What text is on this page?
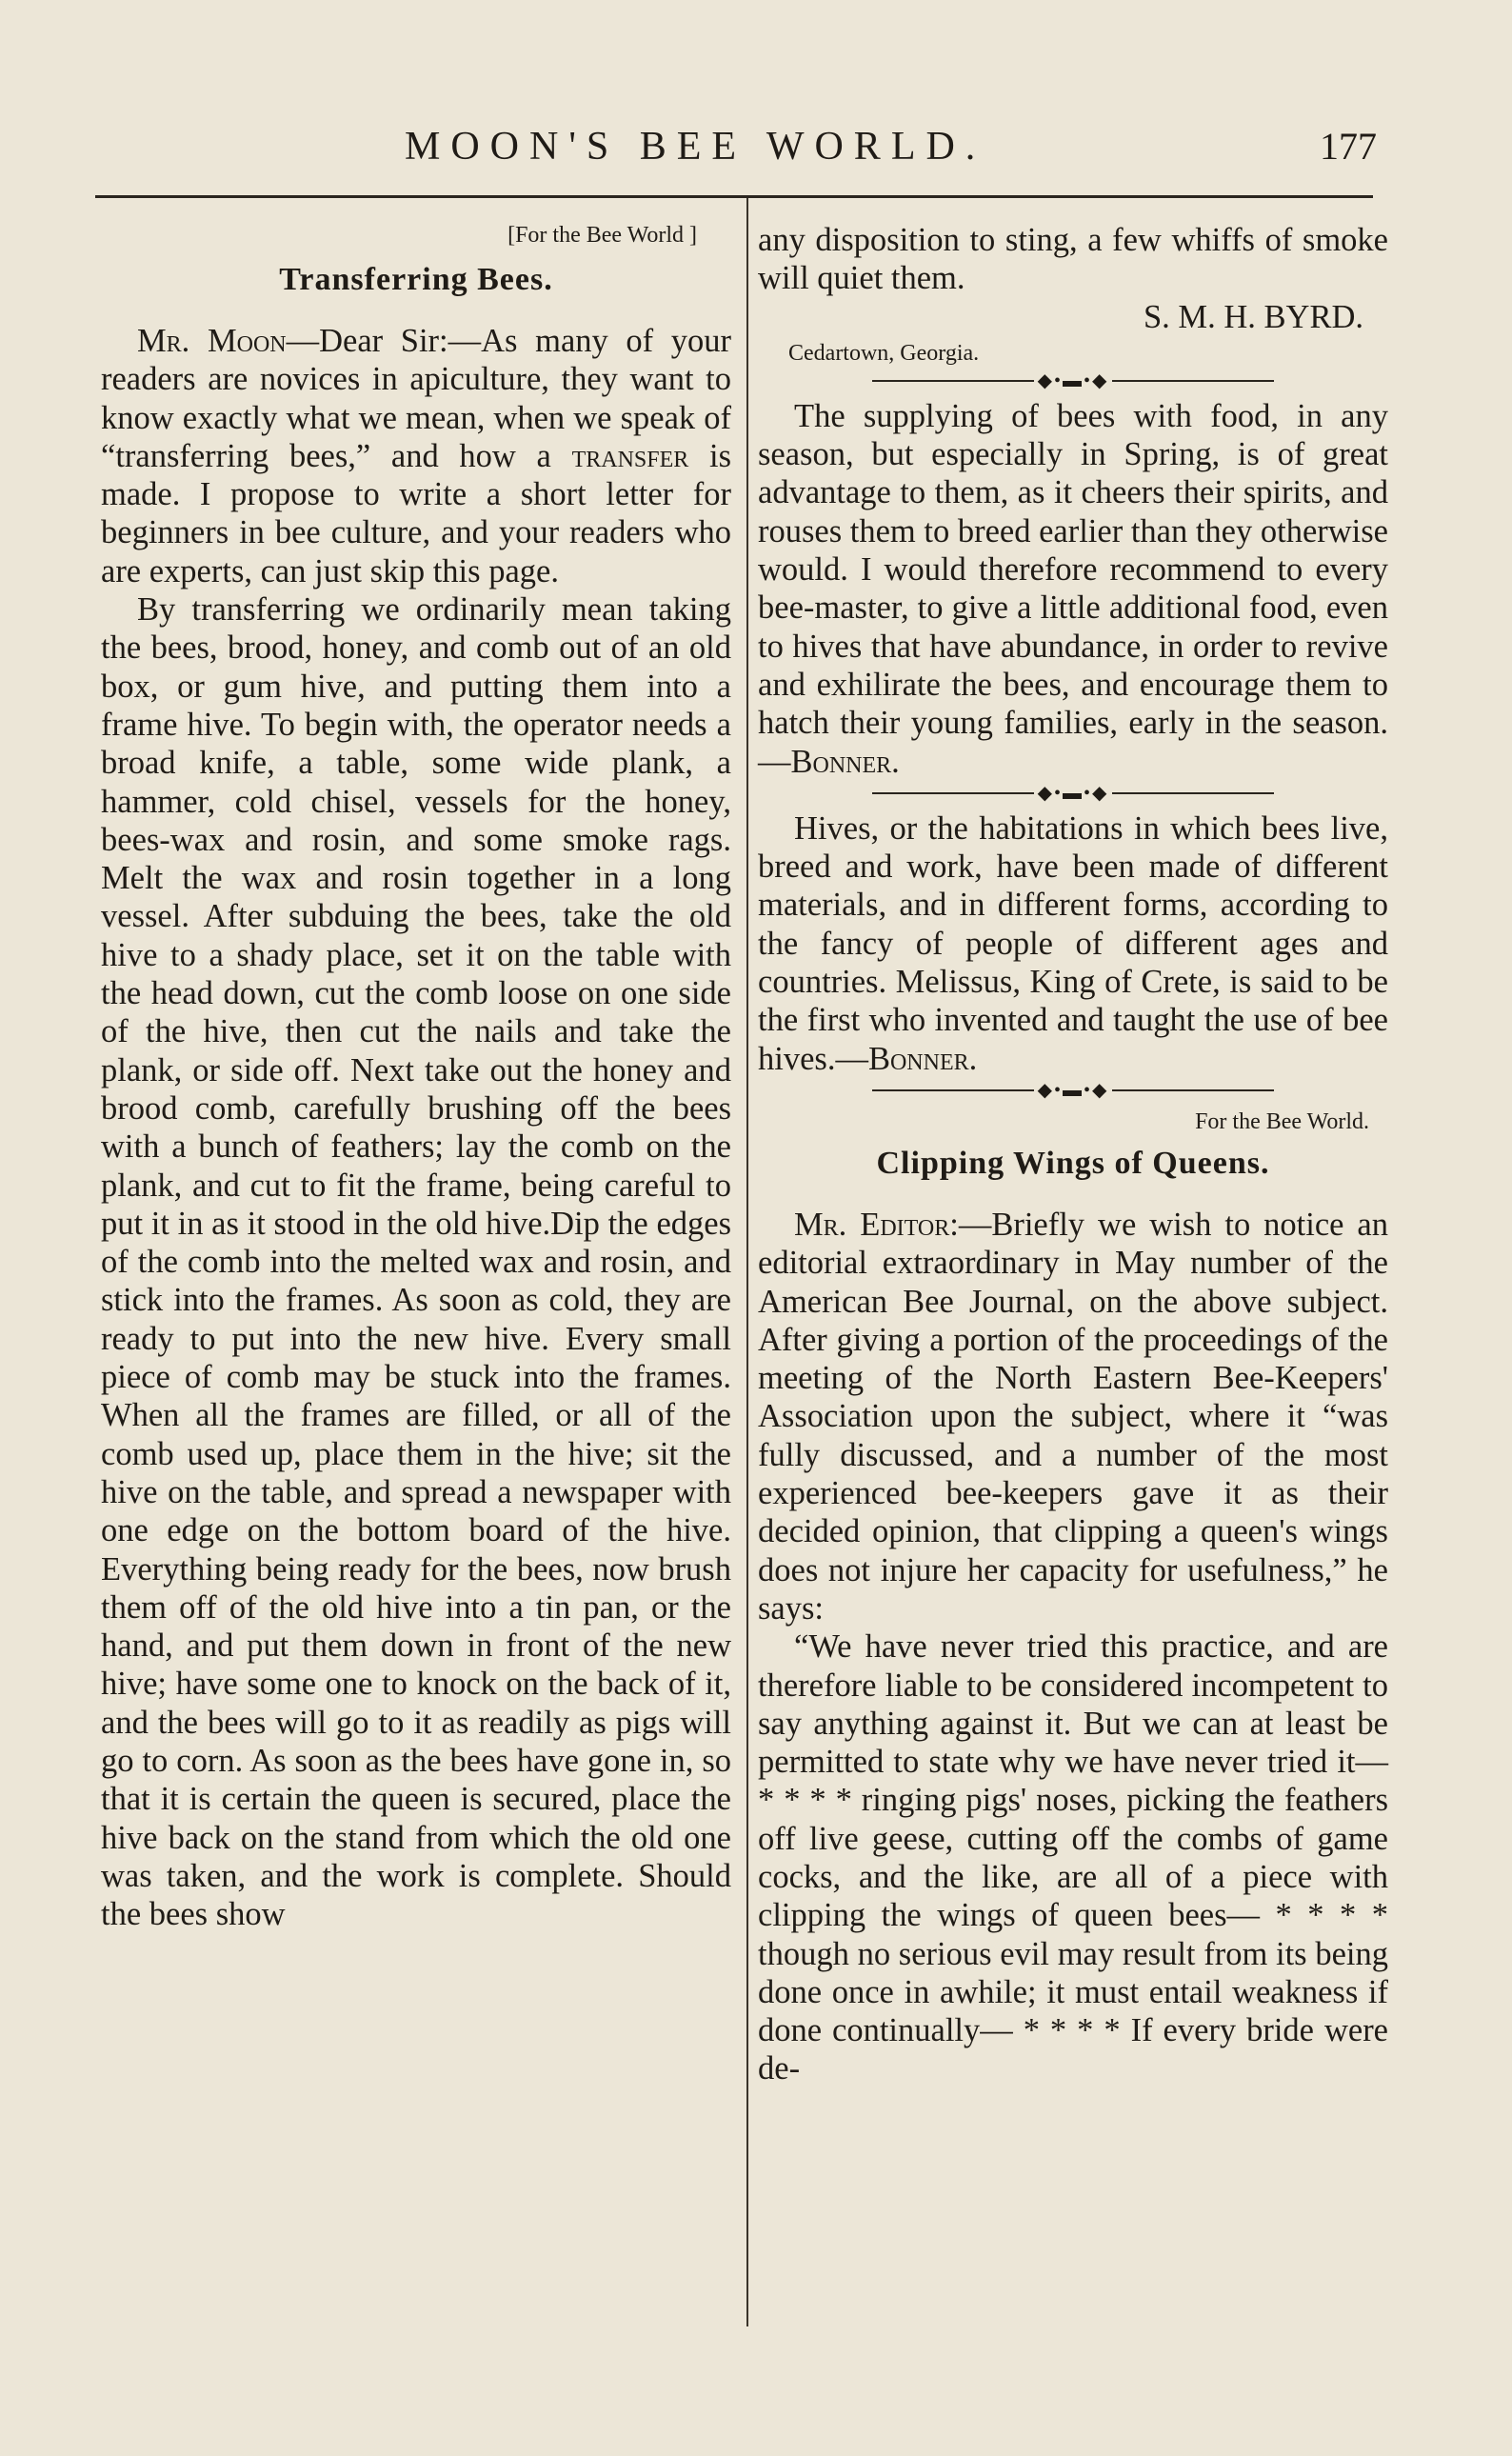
MOON'S BEE WORLD.	177

[For the Bee World ]

Transferring Bees.

Mr. Moon—Dear Sir:—As many of your readers are novices in apiculture, they want to know exactly what we mean, when we speak of “transferring bees,” and how a transfer is made. I propose to write a short letter for beginners in bee culture, and your readers who are experts, can just skip this page.

By transferring we ordinarily mean taking the bees, brood, honey, and comb out of an old box, or gum hive, and putting them into a frame hive. To begin with, the operator needs a broad knife, a table, some wide plank, a hammer, cold chisel, vessels for the honey, bees-wax and rosin, and some smoke rags. Melt the wax and rosin together in a long vessel. After subduing the bees, take the old hive to a shady place, set it on the table with the head down, cut the comb loose on one side of the hive, then cut the nails and take the plank, or side off. Next take out the honey and brood comb, carefully brushing off the bees with a bunch of feathers; lay the comb on the plank, and cut to fit the frame, being careful to put it in as it stood in the old hive.Dip the edges of the comb into the melted wax and rosin, and stick into the frames. As soon as cold, they are ready to put into the new hive. Every small piece of comb may be stuck into the frames. When all the frames are filled, or all of the comb used up, place them in the hive; sit the hive on the table, and spread a newspaper with one edge on the bottom board of the hive. Everything being ready for the bees, now brush them off of the old hive into a tin pan, or the hand, and put them down in front of the new hive; have some one to knock on the back of it, and the bees will go to it as readily as pigs will go to corn. As soon as the bees have gone in, so that it is certain the queen is secured, place the hive back on the stand from which the old one was taken, and the work is complete. Should the bees show

any disposition to sting, a few whiffs of smoke will quiet them.

S. M. H. BYRD.

Cedartown, Georgia.

◆•▬•◆

The supplying of bees with food, in any season, but especially in Spring, is of great advantage to them, as it cheers their spirits, and rouses them to breed earlier than they otherwise would. I would therefore recommend to every bee-master, to give a little additional food, even to hives that have abundance, in order to revive and exhilirate the bees, and encourage them to hatch their young families, early in the season.—Bonner.

◆•▬•◆

Hives, or the habitations in which bees live, breed and work, have been made of different materials, and in different forms, according to the fancy of people of different ages and countries. Melissus, King of Crete, is said to be the first who invented and taught the use of bee hives.—Bonner.

◆•▬•◆

For the Bee World.

Clipping Wings of Queens.

Mr. Editor:—Briefly we wish to notice an editorial extraordinary in May number of the American Bee Journal, on the above subject. After giving a portion of the proceedings of the meeting of the North Eastern Bee-Keepers' Association upon the subject, where it “was fully discussed, and a number of the most experienced bee-keepers gave it as their decided opinion, that clipping a queen's wings does not injure her capacity for usefulness,” he says:

“We have never tried this practice, and are therefore liable to be considered incompetent to say anything against it. But we can at least be permitted to state why we have never tried it— * * * * ringing pigs' noses, picking the feathers off live geese, cutting off the combs of game cocks, and the like, are all of a piece with clipping the wings of queen bees— * * * * though no serious evil may result from its being done once in awhile; it must entail weakness if done continually— * * * * If every bride were de-
